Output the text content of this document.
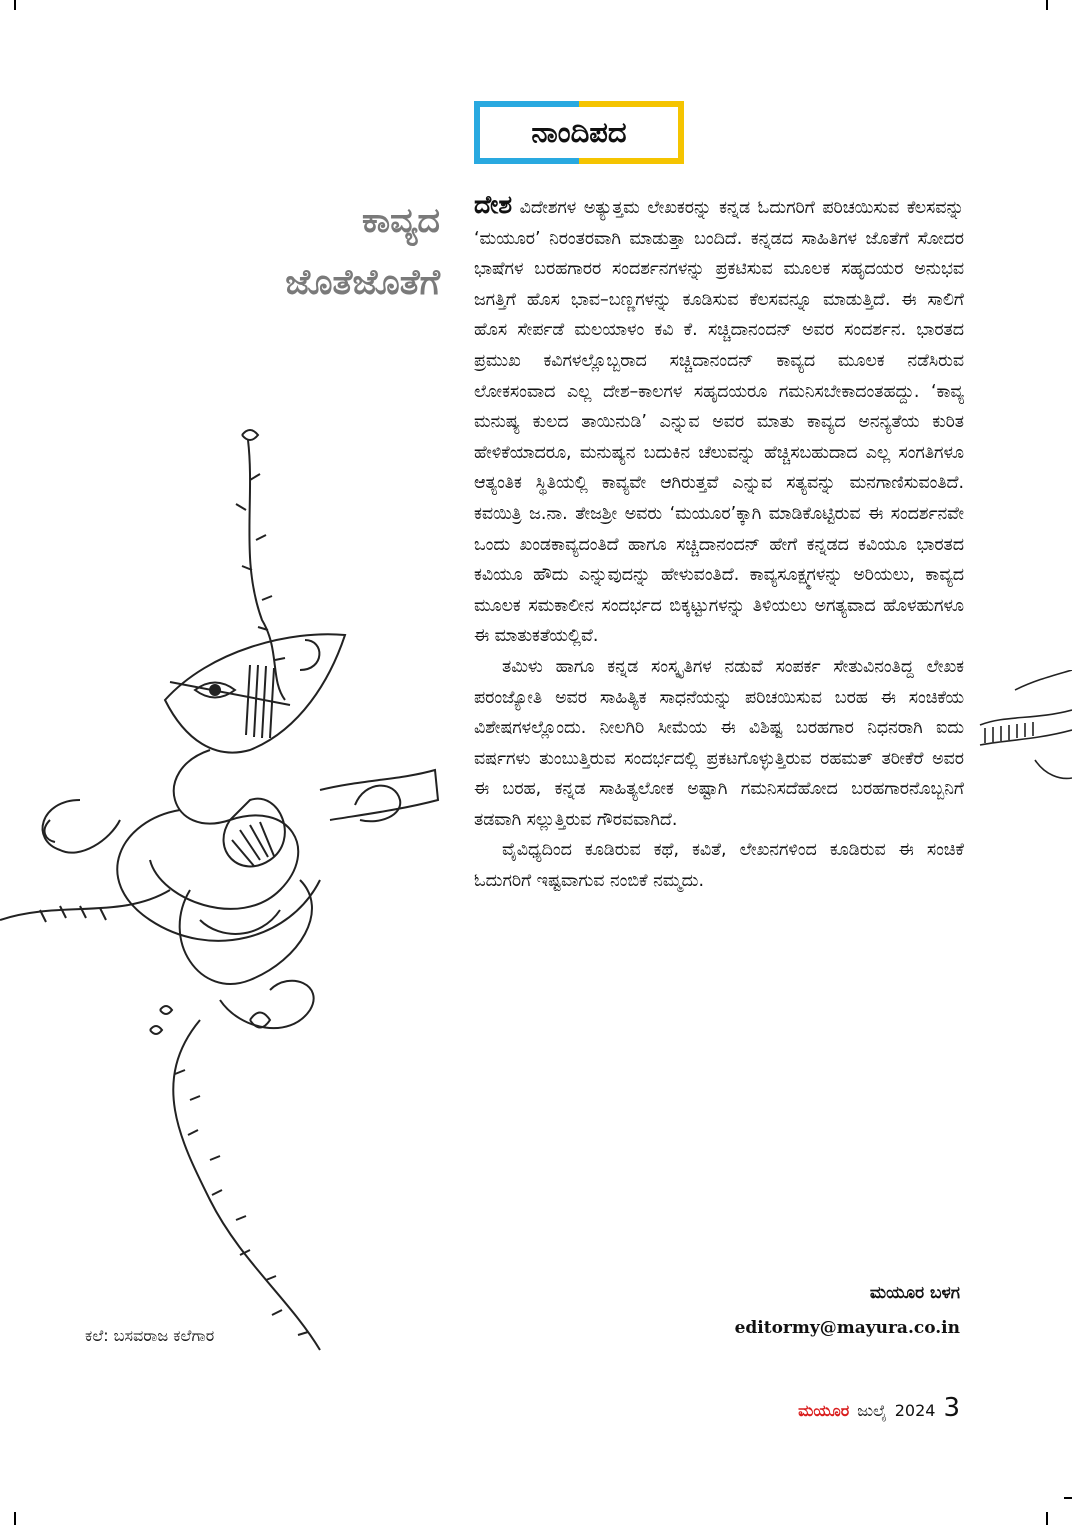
ನಾಂದಿಪದ
ಕಾವ್ಯದ
ಜೊತೆಜೊತೆಗೆ

ದೇಶ ವಿದೇಶಗಳ ಅತ್ಯುತ್ತಮ ಲೇಖಕರನ್ನು ಕನ್ನಡ ಓದುಗರಿಗೆ ಪರಿಚಯಿಸುವ ಕೆಲಸವನ್ನು ‘ಮಯೂರ’ ನಿರಂತರವಾಗಿ ಮಾಡುತ್ತಾ ಬಂದಿದೆ. ಕನ್ನಡದ ಸಾಹಿತಿಗಳ ಜೊತೆಗೆ ಸೋದರ ಭಾಷೆಗಳ ಬರಹಗಾರರ ಸಂದರ್ಶನಗಳನ್ನು ಪ್ರಕಟಿಸುವ ಮೂಲಕ ಸಹೃದಯರ ಅನುಭವ ಜಗತ್ತಿಗೆ ಹೊಸ ಭಾವ–ಬಣ್ಣಗಳನ್ನು ಕೂಡಿಸುವ ಕೆಲಸವನ್ನೂ ಮಾಡುತ್ತಿದೆ. ಈ ಸಾಲಿಗೆ ಹೊಸ ಸೇರ್ಪಡೆ ಮಲಯಾಳಂ ಕವಿ ಕೆ. ಸಚ್ಚಿದಾನಂದನ್ ಅವರ ಸಂದರ್ಶನ. ಭಾರತದ ಪ್ರಮುಖ ಕವಿಗಳಲ್ಲೊಬ್ಬರಾದ ಸಚ್ಚಿದಾನಂದನ್ ಕಾವ್ಯದ ಮೂಲಕ ನಡೆಸಿರುವ ಲೋಕಸಂವಾದ ಎಲ್ಲ ದೇಶ–ಕಾಲಗಳ ಸಹೃದಯರೂ ಗಮನಿಸಬೇಕಾದಂತಹದ್ದು. ‘ಕಾವ್ಯ ಮನುಷ್ಯ ಕುಲದ ತಾಯಿನುಡಿ’ ಎನ್ನುವ ಅವರ ಮಾತು ಕಾವ್ಯದ ಅನನ್ಯತೆಯ ಕುರಿತ ಹೇಳಿಕೆಯಾದರೂ, ಮನುಷ್ಯನ ಬದುಕಿನ ಚೆಲುವನ್ನು ಹೆಚ್ಚಿಸಬಹುದಾದ ಎಲ್ಲ ಸಂಗತಿಗಳೂ ಆತ್ಯಂತಿಕ ಸ್ಥಿತಿಯಲ್ಲಿ ಕಾವ್ಯವೇ ಆಗಿರುತ್ತವೆ ಎನ್ನುವ ಸತ್ಯವನ್ನು ಮನಗಾಣಿಸುವಂತಿದೆ. ಕವಯಿತ್ರಿ ಜ.ನಾ. ತೇಜಶ್ರೀ ಅವರು ‘ಮಯೂರ’ಕ್ಕಾಗಿ ಮಾಡಿಕೊಟ್ಟಿರುವ ಈ ಸಂದರ್ಶನವೇ ಒಂದು ಖಂಡಕಾವ್ಯದಂತಿದೆ ಹಾಗೂ ಸಚ್ಚಿದಾನಂದನ್ ಹೇಗೆ ಕನ್ನಡದ ಕವಿಯೂ ಭಾರತದ ಕವಿಯೂ ಹೌದು ಎನ್ನುವುದನ್ನು ಹೇಳುವಂತಿದೆ. ಕಾವ್ಯಸೂಕ್ಷ್ಮಗಳನ್ನು ಅರಿಯಲು, ಕಾವ್ಯದ ಮೂಲಕ ಸಮಕಾಲೀನ ಸಂದರ್ಭದ ಬಿಕ್ಕಟ್ಟುಗಳನ್ನು ತಿಳಿಯಲು ಅಗತ್ಯವಾದ ಹೊಳಹುಗಳೂ ಈ ಮಾತುಕತೆಯಲ್ಲಿವೆ.

ತಮಿಳು ಹಾಗೂ ಕನ್ನಡ ಸಂಸ್ಕೃತಿಗಳ ನಡುವೆ ಸಂಪರ್ಕ ಸೇತುವಿನಂತಿದ್ದ ಲೇಖಕ ಪರಂಜ್ಯೋತಿ ಅವರ ಸಾಹಿತ್ಯಿಕ ಸಾಧನೆಯನ್ನು ಪರಿಚಯಿಸುವ ಬರಹ ಈ ಸಂಚಿಕೆಯ ವಿಶೇಷಗಳಲ್ಲೊಂದು. ನೀಲಗಿರಿ ಸೀಮೆಯ ಈ ವಿಶಿಷ್ಟ ಬರಹಗಾರ ನಿಧನರಾಗಿ ಐದು ವರ್ಷಗಳು ತುಂಬುತ್ತಿರುವ ಸಂದರ್ಭದಲ್ಲಿ ಪ್ರಕಟಗೊಳ್ಳುತ್ತಿರುವ ರಹಮತ್ ತರೀಕೆರೆ ಅವರ ಈ ಬರಹ, ಕನ್ನಡ ಸಾಹಿತ್ಯಲೋಕ ಅಷ್ಟಾಗಿ ಗಮನಿಸದೆಹೋದ ಬರಹಗಾರನೊಬ್ಬನಿಗೆ ತಡವಾಗಿ ಸಲ್ಲುತ್ತಿರುವ ಗೌರವವಾಗಿದೆ.

ವೈವಿಧ್ಯದಿಂದ ಕೂಡಿರುವ ಕಥೆ, ಕವಿತೆ, ಲೇಖನಗಳಿಂದ ಕೂಡಿರುವ ಈ ಸಂಚಿಕೆ ಓದುಗರಿಗೆ ಇಷ್ಟವಾಗುವ ನಂಬಿಕೆ ನಮ್ಮದು.

ಮಯೂರ ಬಳಗ
editormy@mayura.co.in
ಕಲೆ: ಬಸವರಾಜ ಕಲೆಗಾರ
ಮಯೂರ ಜುಲೈ 2024 3
